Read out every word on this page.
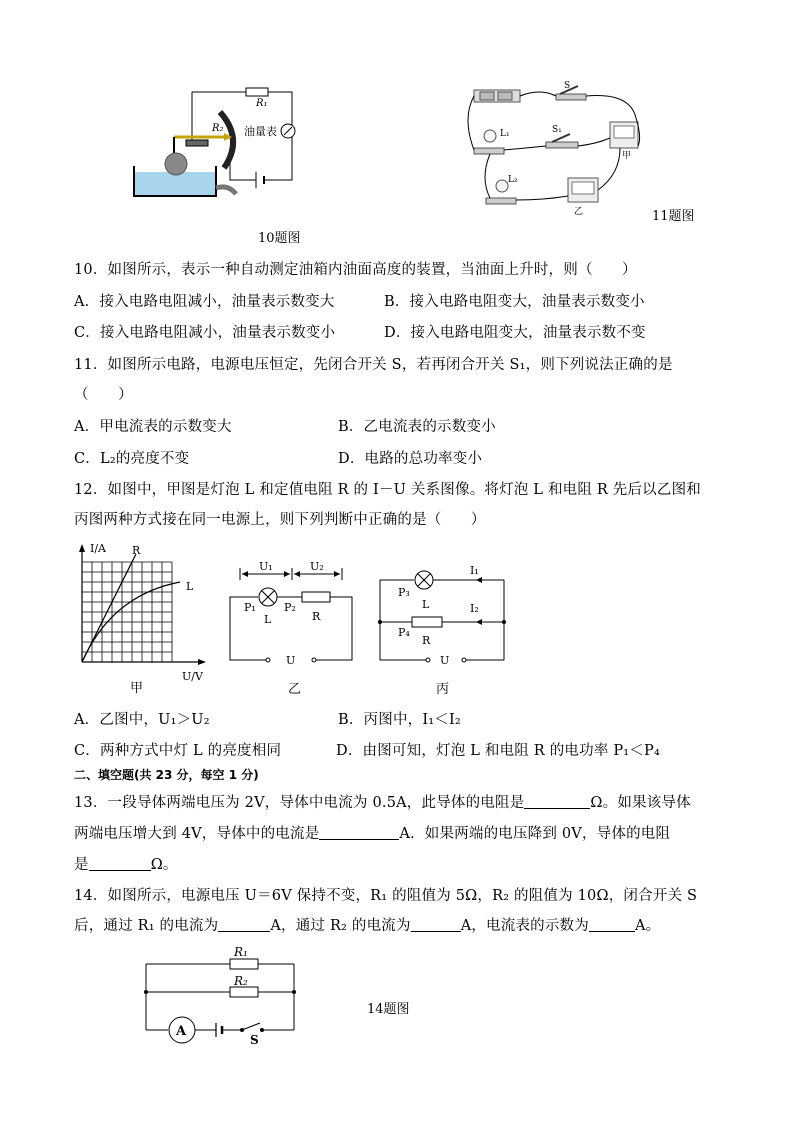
R₁
R₂ 油量表
10题图
S
S₁
L₁
L₂
甲
乙	11题图
10．如图所示，表示一种自动测定油箱内油面高度的装置，当油面上升时，则（　　）
A．接入电路电阻减小，油量表示数变大	B．接入电路电阻变大，油量表示数变小
C．接入电路电阻减小，油量表示数变小	D．接入电路电阻变大，油量表示数不变
11．如图所示电路，电源电压恒定，先闭合开关 S，若再闭合开关 S₁，则下列说法正确的是
（　　）
A．甲电流表的示数变大	B．乙电流表的示数变小
C．L₂的亮度不变	D．电路的总功率变小
12．如图中，甲图是灯泡 L 和定值电阻 R 的 I－U 关系图像。将灯泡 L 和电阻 R 先后以乙图和
丙图两种方式接在同一电源上，则下列判断中正确的是（　　）
I/A
U/V
R
L
甲
U₁	U₂
P₁	P₂
L	R
U
乙
P₃
L
I₁
I₂
P₄
R
U
丙
A．乙图中，U₁＞U₂	B．丙图中，I₁＜I₂
C．两种方式中灯 L 的亮度相同	D．由图可知，灯泡 L 和电阻 R 的电功率 P₁＜P₄
二、填空题(共 23 分，每空 1 分)
13．一段导体两端电压为 2V，导体中电流为 0.5A，此导体的电阻是	Ω。如果该导体
两端电压增大到 4V，导体中的电流是	A．如果两端的电压降到 0V，导体的电阻
是	Ω。
14．如图所示，电源电压 U＝6V 保持不变，R₁ 的阻值为 5Ω，R₂ 的阻值为 10Ω，闭合开关 S
后，通过 R₁ 的电流为	A，通过 R₂ 的电流为	A，电流表的示数为	A。
R₁
R₂
A
S
14题图
